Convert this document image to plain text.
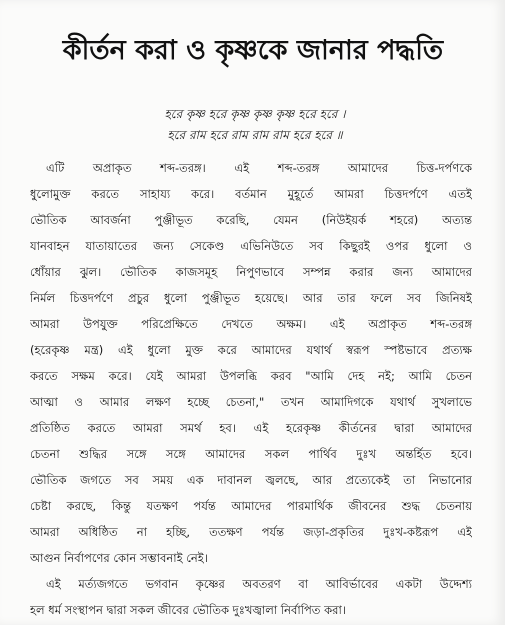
কীর্তন করা ও কৃষ্ণকে জানার পদ্ধতি
হরে কৃষ্ণ হরে কৃষ্ণ কৃষ্ণ কৃষ্ণ হরে হরে ।
হরে রাম হরে রাম রাম রাম হরে হরে ॥
এটি অপ্রাকৃত শব্দ-তরঙ্গ। এই শব্দ-তরঙ্গ আমাদের চিত্ত-দর্পণকে
ধুলোমুক্ত করতে সাহায্য করে। বর্তমান মুহূর্তে আমরা চিত্তদর্পণে এতই
ভৌতিক আবর্জনা পুঞ্জীভূত করেছি, যেমন (নিউইয়র্ক শহরে) অত্যন্ত
যানবাহন যাতায়াতের জন্য সেকেণ্ড এভিনিউতে সব কিছুরই ওপর ধুলো ও
ধোঁয়ার ঝুল। ভৌতিক কাজসমূহ নিপুণভাবে সম্পন্ন করার জন্য আমাদের
নির্মল চিত্তদর্পণে প্রচুর ধুলো পুঞ্জীভূত হয়েছে। আর তার ফলে সব জিনিষই
আমরা উপযুক্ত পরিপ্রেক্ষিতে দেখতে অক্ষম। এই অপ্রাকৃত শব্দ-তরঙ্গ
(হরেকৃষ্ণ মন্ত্র) এই ধুলো মুক্ত করে আমাদের যথার্থ স্বরূপ স্পষ্টভাবে প্রত্যক্ষ
করতে সক্ষম করে। যেই আমরা উপলব্ধি করব "আমি দেহ নই; আমি চেতন
আত্মা ও আমার লক্ষণ হচ্ছে চেতনা," তখন আমাদিগকে যথার্থ সুখলাভে
প্রতিষ্ঠিত করতে আমরা সমর্থ হব। এই হরেকৃষ্ণ কীর্তনের দ্বারা আমাদের
চেতনা শুদ্ধির সঙ্গে সঙ্গে আমাদের সকল পার্থিব দুঃখ অন্তর্হিত হবে।
ভৌতিক জগতে সব সময় এক দাবানল জ্বলছে, আর প্রত্যেকেই তা নিভানোর
চেষ্টা করছে, কিন্তু যতক্ষণ পর্যন্ত আমাদের পারমার্থিক জীবনের শুদ্ধ চেতনায়
আমরা অধিষ্ঠিত না হচ্ছি, ততক্ষণ পর্যন্ত জড়া-প্রকৃতির দুঃখ-কষ্টরূপ এই
আগুন নির্বাপণের কোন সম্ভাবনাই নেই।
এই মর্ত্যজগতে ভগবান কৃষ্ণের অবতরণ বা আবির্ভাবের একটা উদ্দেশ্য
হল ধর্ম সংস্থাপন দ্বারা সকল জীবের ভৌতিক দুঃখজ্বালা নির্বাপিত করা।
